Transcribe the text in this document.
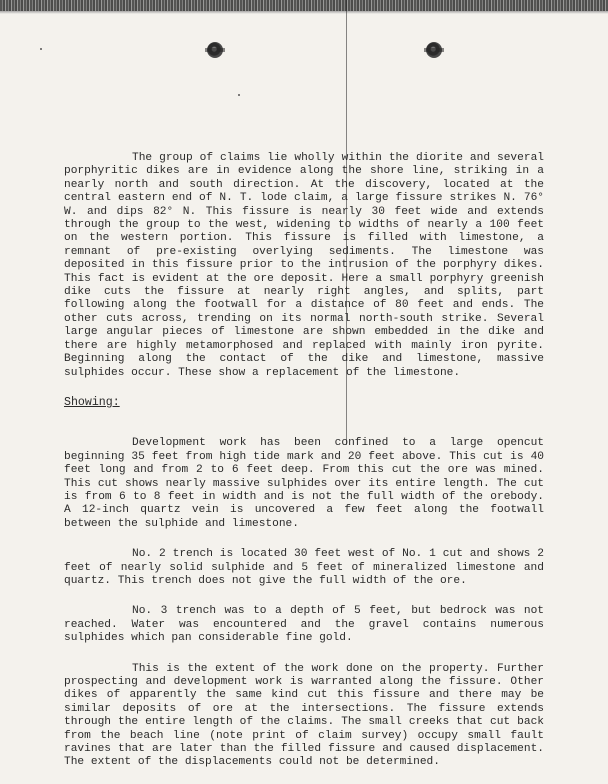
The group of claims lie wholly within the diorite and several porphyritic dikes are in evidence along the shore line, striking in a nearly north and south direction. At the discovery, located at the central eastern end of N. T. lode claim, a large fissure strikes N. 76° W. and dips 82° N. This fissure is nearly 30 feet wide and extends through the group to the west, widening to widths of nearly a 100 feet on the western portion. This fissure is filled with limestone, a remnant of pre-existing overlying sediments. The limestone was deposited in this fissure prior to the intrusion of the porphyry dikes. This fact is evident at the ore deposit. Here a small porphyry greenish dike cuts the fissure at nearly right angles, and splits, part following along the footwall for a distance of 80 feet and ends. The other cuts across, trending on its normal north-south strike. Several large angular pieces of limestone are shown embedded in the dike and there are highly metamorphosed and replaced with mainly iron pyrite. Beginning along the contact of the dike and limestone, massive sulphides occur. These show a replacement of the limestone.

Showing:

Development work has been confined to a large opencut beginning 35 feet from high tide mark and 20 feet above. This cut is 40 feet long and from 2 to 6 feet deep. From this cut the ore was mined. This cut shows nearly massive sulphides over its entire length. The cut is from 6 to 8 feet in width and is not the full width of the orebody. A 12-inch quartz vein is uncovered a few feet along the footwall between the sulphide and limestone.

No. 2 trench is located 30 feet west of No. 1 cut and shows 2 feet of nearly solid sulphide and 5 feet of mineralized limestone and quartz. This trench does not give the full width of the ore.

No. 3 trench was to a depth of 5 feet, but bedrock was not reached. Water was encountered and the gravel contains numerous sulphides which pan considerable fine gold.

This is the extent of the work done on the property. Further prospecting and development work is warranted along the fissure. Other dikes of apparently the same kind cut this fissure and there may be similar deposits of ore at the intersections. The fissure extends through the entire length of the claims. The small creeks that cut back from the beach line (note print of claim survey) occupy small fault ravines that are later than the filled fissure and caused displacement. The extent of the displacements could not be determined.
